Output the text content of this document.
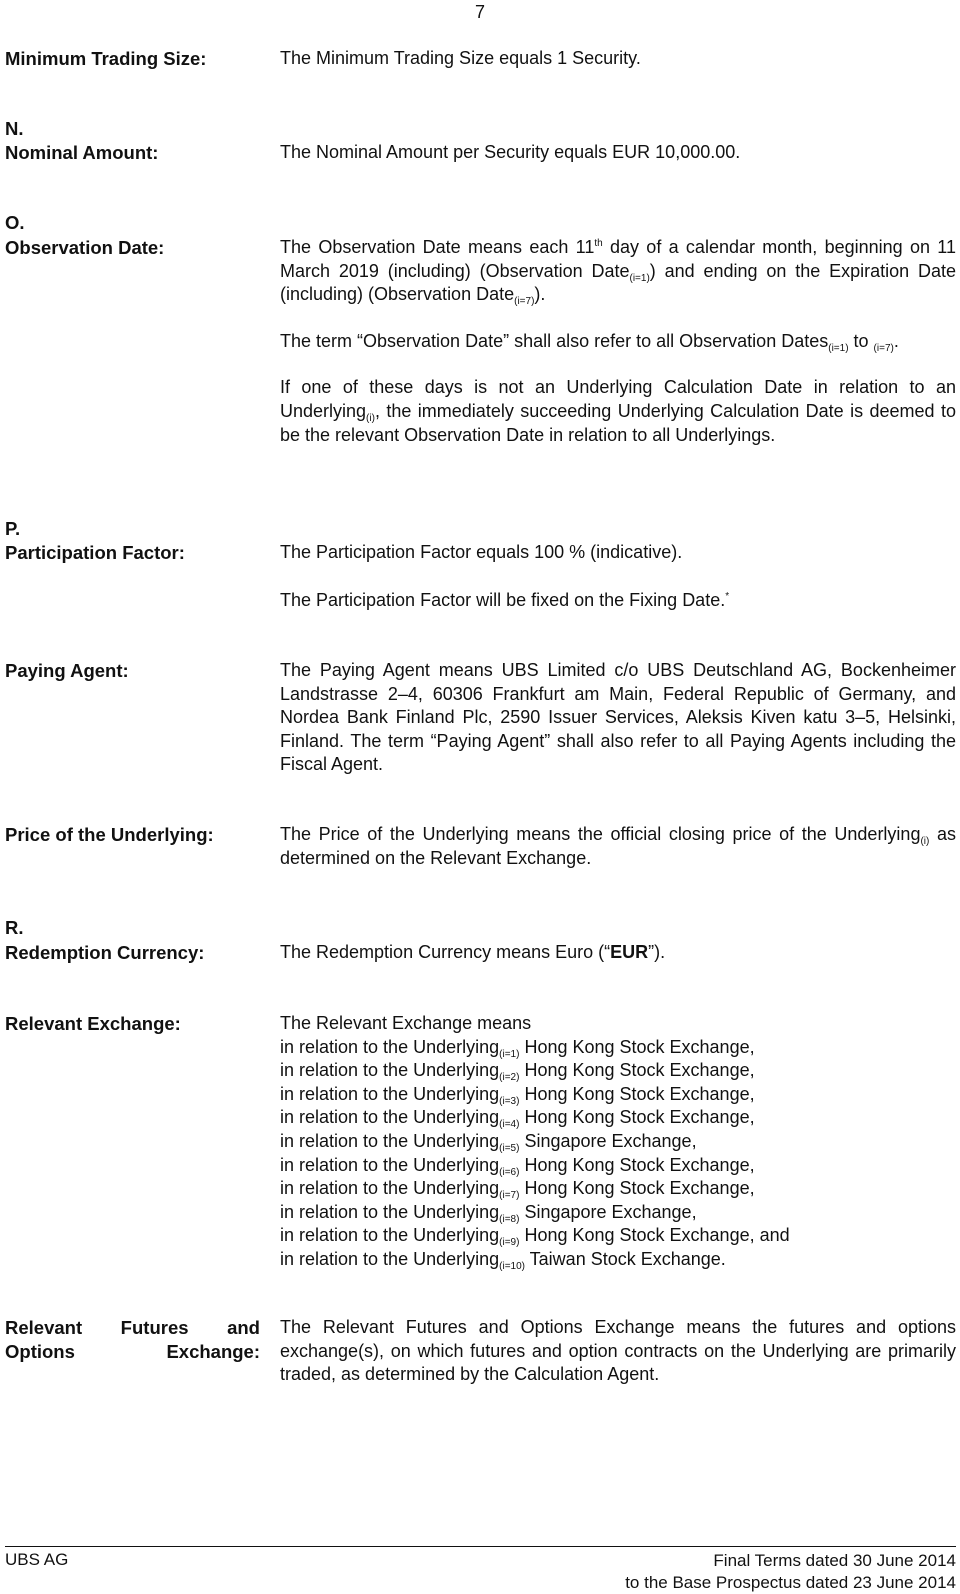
7
Minimum Trading Size:	The Minimum Trading Size equals 1 Security.
N.
Nominal Amount:	The Nominal Amount per Security equals EUR 10,000.00.
O.
Observation Date:	The Observation Date means each 11th day of a calendar month, beginning on 11 March 2019 (including) (Observation Date$_{(i=1)}$) and ending on the Expiration Date (including) (Observation Date$_{(i=7)}$).

The term “Observation Date” shall also refer to all Observation Dates$_{(i=1)}$ to $_{(i=7)}$.

If one of these days is not an Underlying Calculation Date in relation to an Underlying$_{(i)}$, the immediately succeeding Underlying Calculation Date is deemed to be the relevant Observation Date in relation to all Underlyings.

P.
Participation Factor:	The Participation Factor equals 100 % (indicative).

The Participation Factor will be fixed on the Fixing Date.*

Paying Agent:	The Paying Agent means UBS Limited c/o UBS Deutschland AG, Bockenheimer Landstrasse 2–4, 60306 Frankfurt am Main, Federal Republic of Germany, and Nordea Bank Finland Plc, 2590 Issuer Services, Aleksis Kiven katu 3–5, Helsinki, Finland. The term “Paying Agent” shall also refer to all Paying Agents including the Fiscal Agent.
Price of the Underlying:	The Price of the Underlying means the official closing price of the Underlying$_{(i)}$ as determined on the Relevant Exchange.
R.
Redemption Currency:	The Redemption Currency means Euro (“EUR”).
Relevant Exchange:	The Relevant Exchange means
in relation to the Underlying$_{(i=1)}$ Hong Kong Stock Exchange,
in relation to the Underlying$_{(i=2)}$ Hong Kong Stock Exchange,
in relation to the Underlying$_{(i=3)}$ Hong Kong Stock Exchange,
in relation to the Underlying$_{(i=4)}$ Hong Kong Stock Exchange,
in relation to the Underlying$_{(i=5)}$ Singapore Exchange,
in relation to the Underlying$_{(i=6)}$ Hong Kong Stock Exchange,
in relation to the Underlying$_{(i=7)}$ Hong Kong Stock Exchange,
in relation to the Underlying$_{(i=8)}$ Singapore Exchange,
in relation to the Underlying$_{(i=9)}$ Hong Kong Stock Exchange, and
in relation to the Underlying$_{(i=10)}$ Taiwan Stock Exchange.
Relevant Futures and Options Exchange:
The Relevant Futures and Options Exchange means the futures and options exchange(s), on which futures and option contracts on the Underlying are primarily traded, as determined by the Calculation Agent.
UBS AG	Final Terms dated 30 June 2014
to the Base Prospectus dated 23 June 2014
